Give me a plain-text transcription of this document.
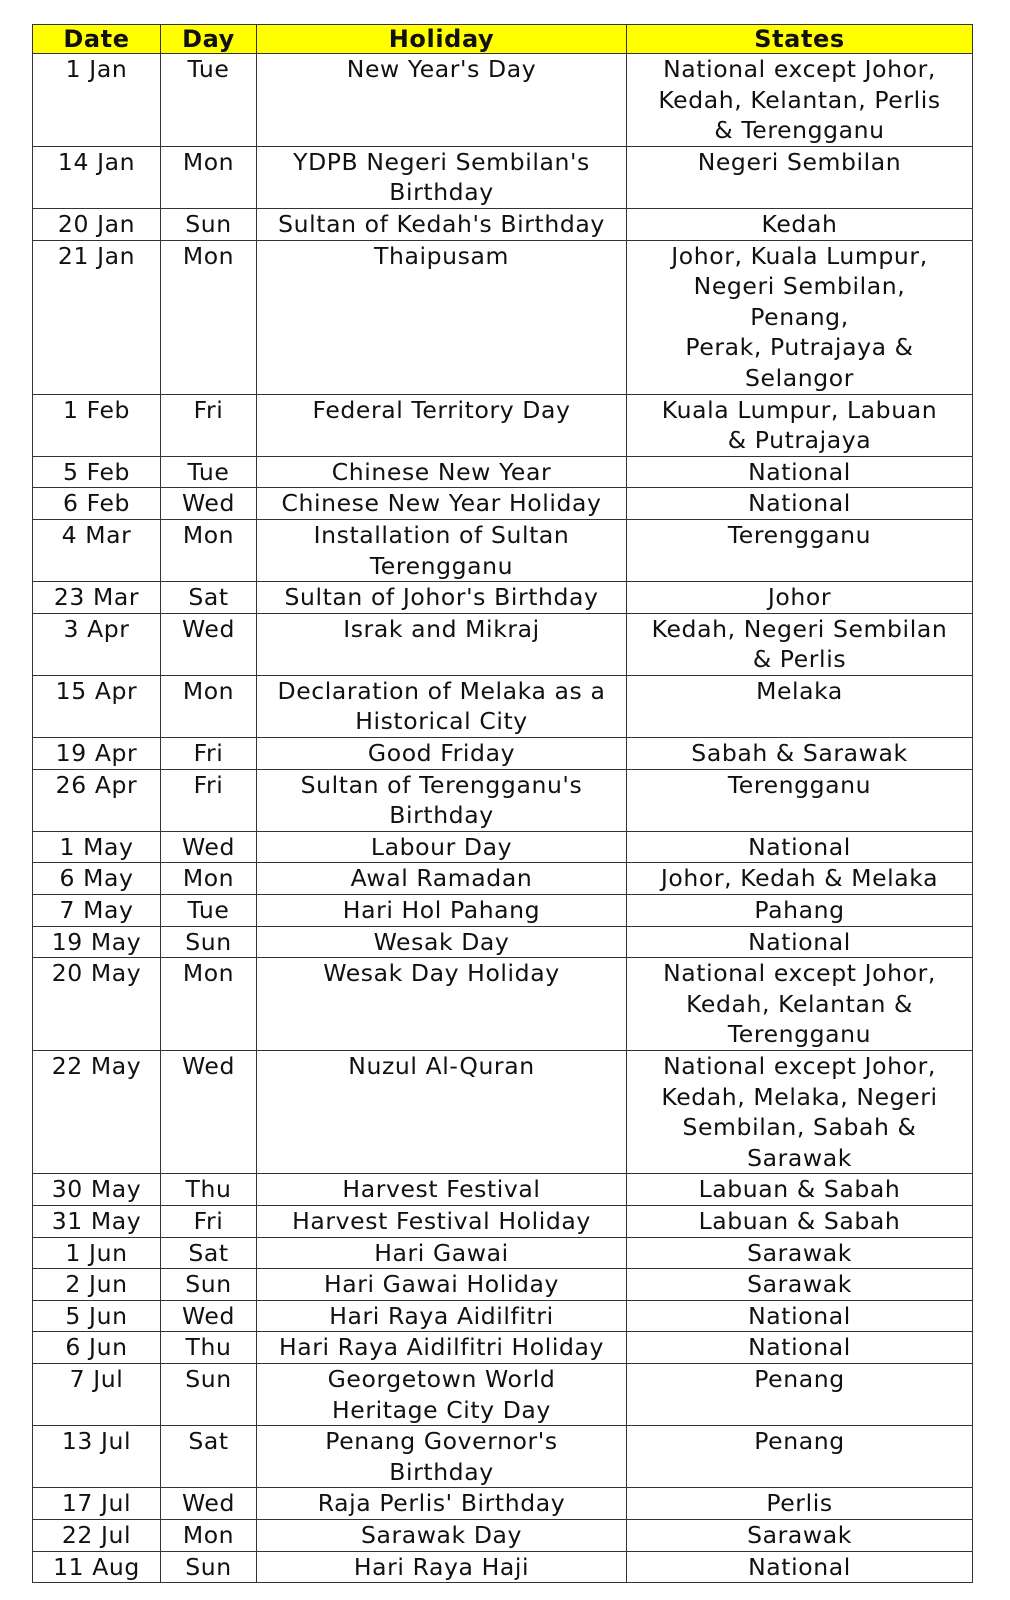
Date	Day	Holiday	States
1 Jan	Tue	New Year's Day	National except Johor,
Kedah, Kelantan, Perlis
& Terengganu

14 Jan	Mon	YDPB Negeri Sembilan's
Birthday	Negeri Sembilan

20 Jan	Sun	Sultan of Kedah's Birthday	Kedah

21 Jan	Mon	Thaipusam	Johor, Kuala Lumpur,
Negeri Sembilan,
Penang,
Perak, Putrajaya &
Selangor

1 Feb	Fri	Federal Territory Day	Kuala Lumpur, Labuan
& Putrajaya

5 Feb	Tue	Chinese New Year	National

6 Feb	Wed	Chinese New Year Holiday	National

4 Mar	Mon	Installation of Sultan
Terengganu	Terengganu

23 Mar	Sat	Sultan of Johor's Birthday	Johor

3 Apr	Wed	Israk and Mikraj	Kedah, Negeri Sembilan
& Perlis

15 Apr	Mon	Declaration of Melaka as a
Historical City	Melaka

19 Apr	Fri	Good Friday	Sabah & Sarawak

26 Apr	Fri	Sultan of Terengganu's
Birthday	Terengganu

1 May	Wed	Labour Day	National

6 May	Mon	Awal Ramadan	Johor, Kedah & Melaka

7 May	Tue	Hari Hol Pahang	Pahang

19 May	Sun	Wesak Day	National

20 May	Mon	Wesak Day Holiday	National except Johor,
Kedah, Kelantan &
Terengganu

22 May	Wed	Nuzul Al-Quran	National except Johor,
Kedah, Melaka, Negeri
Sembilan, Sabah &
Sarawak

30 May	Thu	Harvest Festival	Labuan & Sabah

31 May	Fri	Harvest Festival Holiday	Labuan & Sabah

1 Jun	Sat	Hari Gawai	Sarawak

2 Jun	Sun	Hari Gawai Holiday	Sarawak

5 Jun	Wed	Hari Raya Aidilfitri	National

6 Jun	Thu	Hari Raya Aidilfitri Holiday	National

7 Jul	Sun	Georgetown World
Heritage City Day	Penang

13 Jul	Sat	Penang Governor's
Birthday	Penang

17 Jul	Wed	Raja Perlis' Birthday	Perlis

22 Jul	Mon	Sarawak Day	Sarawak

11 Aug	Sun	Hari Raya Haji	National
